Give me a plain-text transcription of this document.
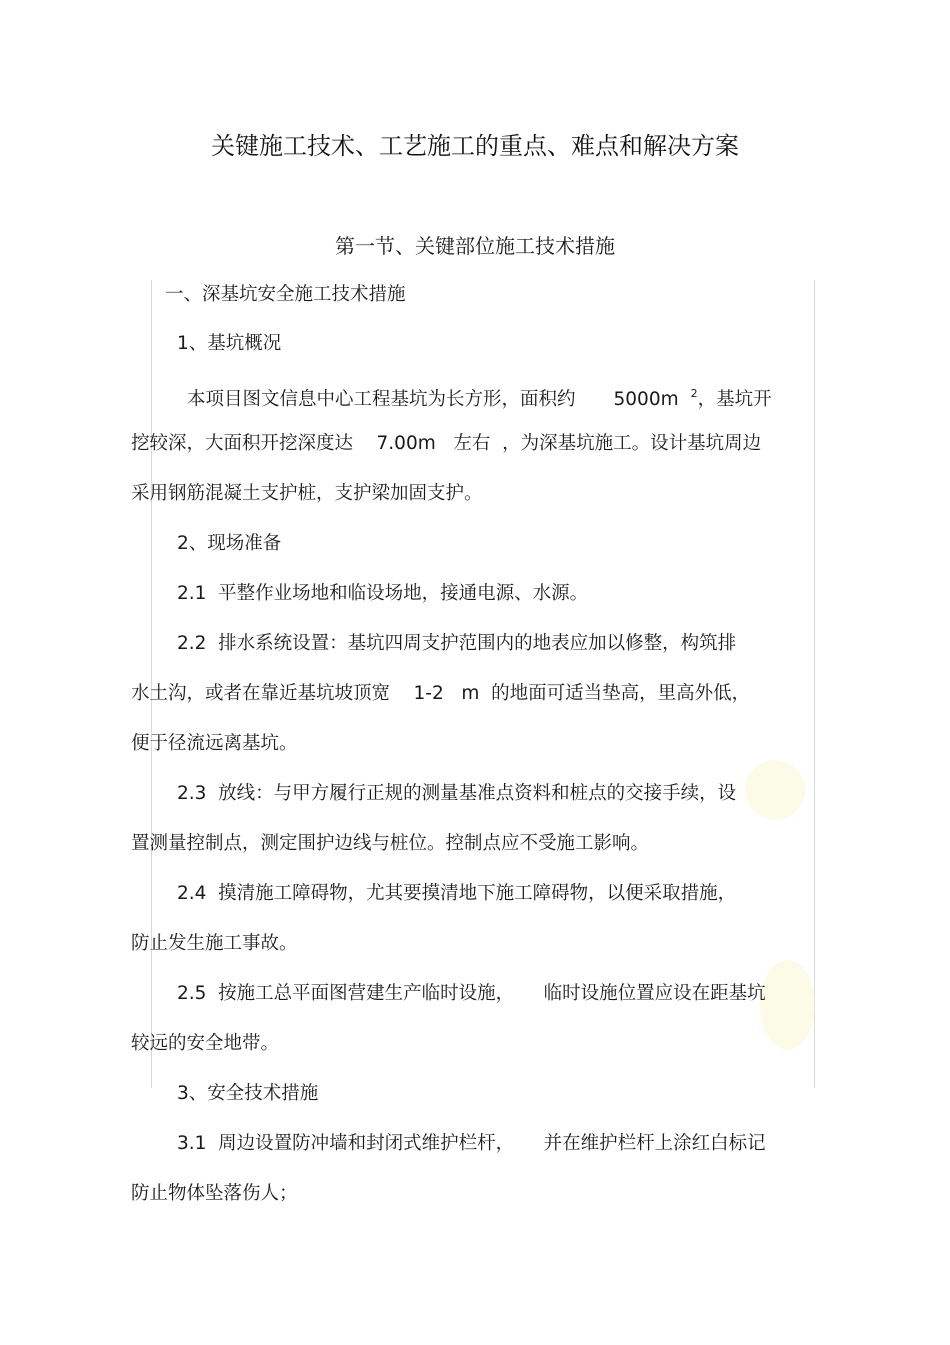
关键施工技术、工艺施工的重点、难点和解决方案
第一节、关键部位施工技术措施
一、深基坑安全施工技术措施
1、基坑概况
本项目图文信息中心工程基坑为长方形，面积约 5000m $^2$，基坑开
挖较深，大面积开挖深度达    7.00m   左右  ，为深基坑施工。设计基坑周边
采用钢筋混凝土支护桩，支护梁加固支护。
2、现场准备
2.1  平整作业场地和临设场地，接通电源、水源。
2.2  排水系统设置：基坑四周支护范围内的地表应加以修整，构筑排
水土沟，或者在靠近基坑坡顶宽    1-2   m  的地面可适当垫高，里高外低，
便于径流远离基坑。
2.3  放线：与甲方履行正规的测量基准点资料和桩点的交接手续，设
置测量控制点，测定围护边线与桩位。控制点应不受施工影响。
2.4  摸清施工障碍物，尤其要摸清地下施工障碍物，以便采取措施，
防止发生施工事故。
2.5  按施工总平面图营建生产临时设施，     临时设施位置应设在距基坑
较远的安全地带。
3、安全技术措施
3.1  周边设置防冲墙和封闭式维护栏杆，     并在维护栏杆上涂红白标记
防止物体坠落伤人；
